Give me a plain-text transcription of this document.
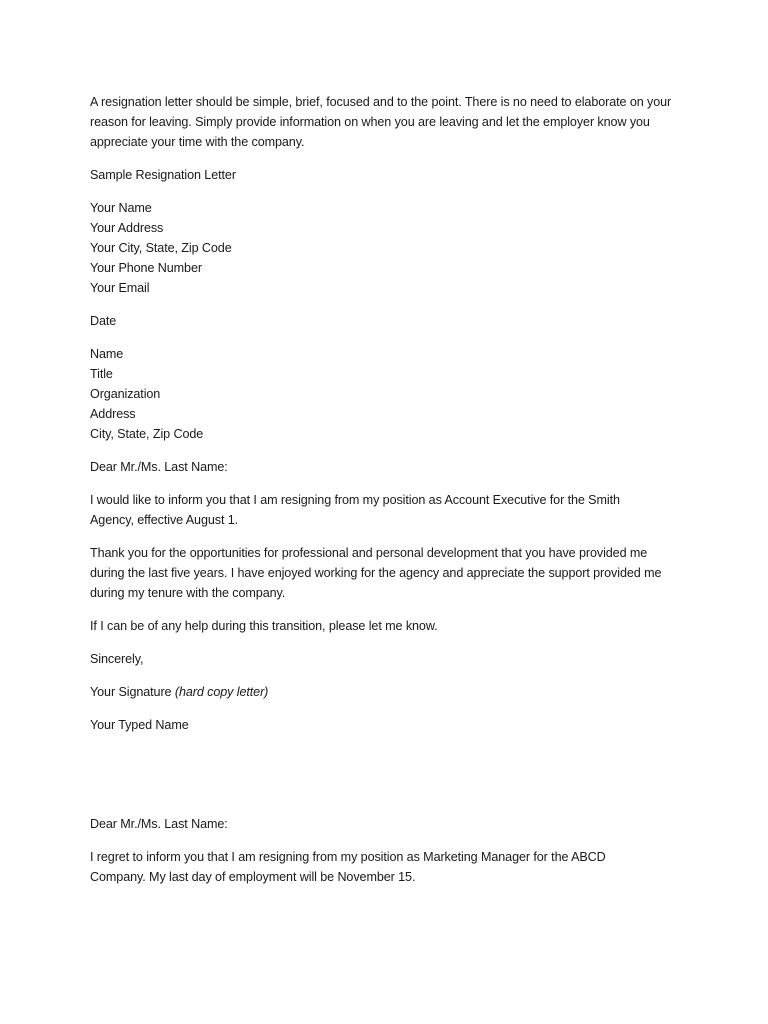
A resignation letter should be simple, brief, focused and to the point. There is no need to elaborate on your reason for leaving. Simply provide information on when you are leaving and let the employer know you appreciate your time with the company.

Sample Resignation Letter

Your Name
Your Address
Your City, State, Zip Code
Your Phone Number
Your Email

Date

Name
Title
Organization
Address
City, State, Zip Code

Dear Mr./Ms. Last Name:

I would like to inform you that I am resigning from my position as Account Executive for the Smith Agency, effective August 1.

Thank you for the opportunities for professional and personal development that you have provided me during the last five years. I have enjoyed working for the agency and appreciate the support provided me during my tenure with the company.

If I can be of any help during this transition, please let me know.

Sincerely,

Your Signature (hard copy letter)

Your Typed Name

Dear Mr./Ms. Last Name:

I regret to inform you that I am resigning from my position as Marketing Manager for the ABCD Company. My last day of employment will be November 15.
